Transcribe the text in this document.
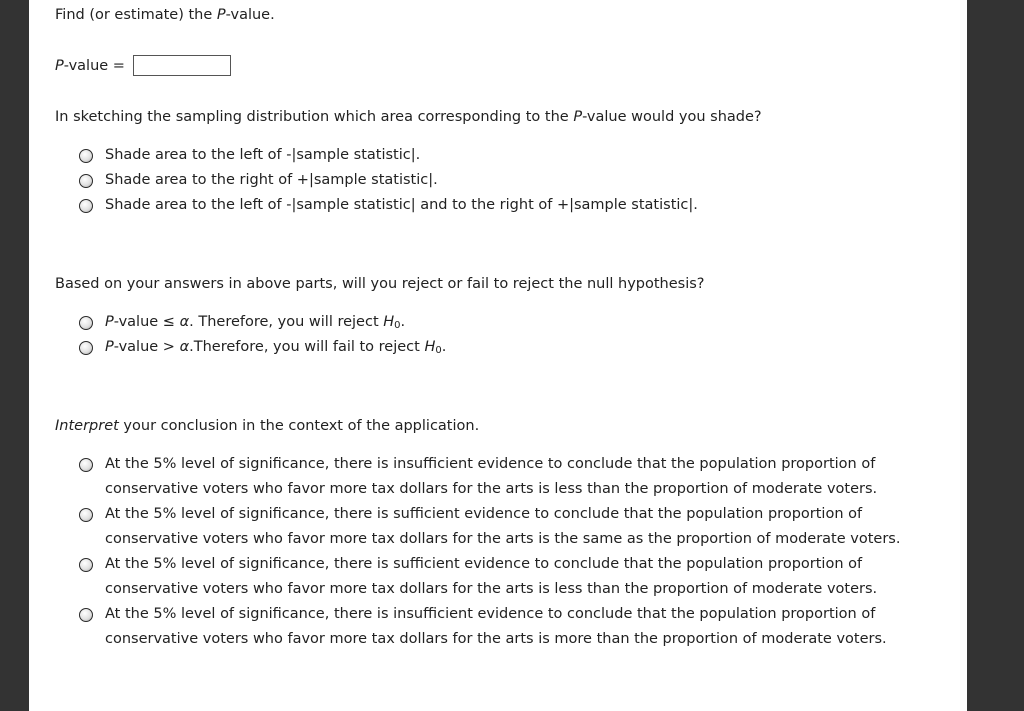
Find (or estimate) the P-value.
P-value =
In sketching the sampling distribution which area corresponding to the P-value would you shade?
Shade area to the left of -|sample statistic|.
Shade area to the right of +|sample statistic|.
Shade area to the left of -|sample statistic| and to the right of +|sample statistic|.
Based on your answers in above parts, will you reject or fail to reject the null hypothesis?
P-value ≤ α. Therefore, you will reject $H_0$.
P-value > α.Therefore, you will fail to reject $H_0$.
Interpret your conclusion in the context of the application.
At the 5% level of significance, there is insufficient evidence to conclude that the population proportion of conservative voters who favor more tax dollars for the arts is less than the proportion of moderate voters.
At the 5% level of significance, there is sufficient evidence to conclude that the population proportion of conservative voters who favor more tax dollars for the arts is the same as the proportion of moderate voters.
At the 5% level of significance, there is sufficient evidence to conclude that the population proportion of conservative voters who favor more tax dollars for the arts is less than the proportion of moderate voters.
At the 5% level of significance, there is insufficient evidence to conclude that the population proportion of conservative voters who favor more tax dollars for the arts is more than the proportion of moderate voters.
